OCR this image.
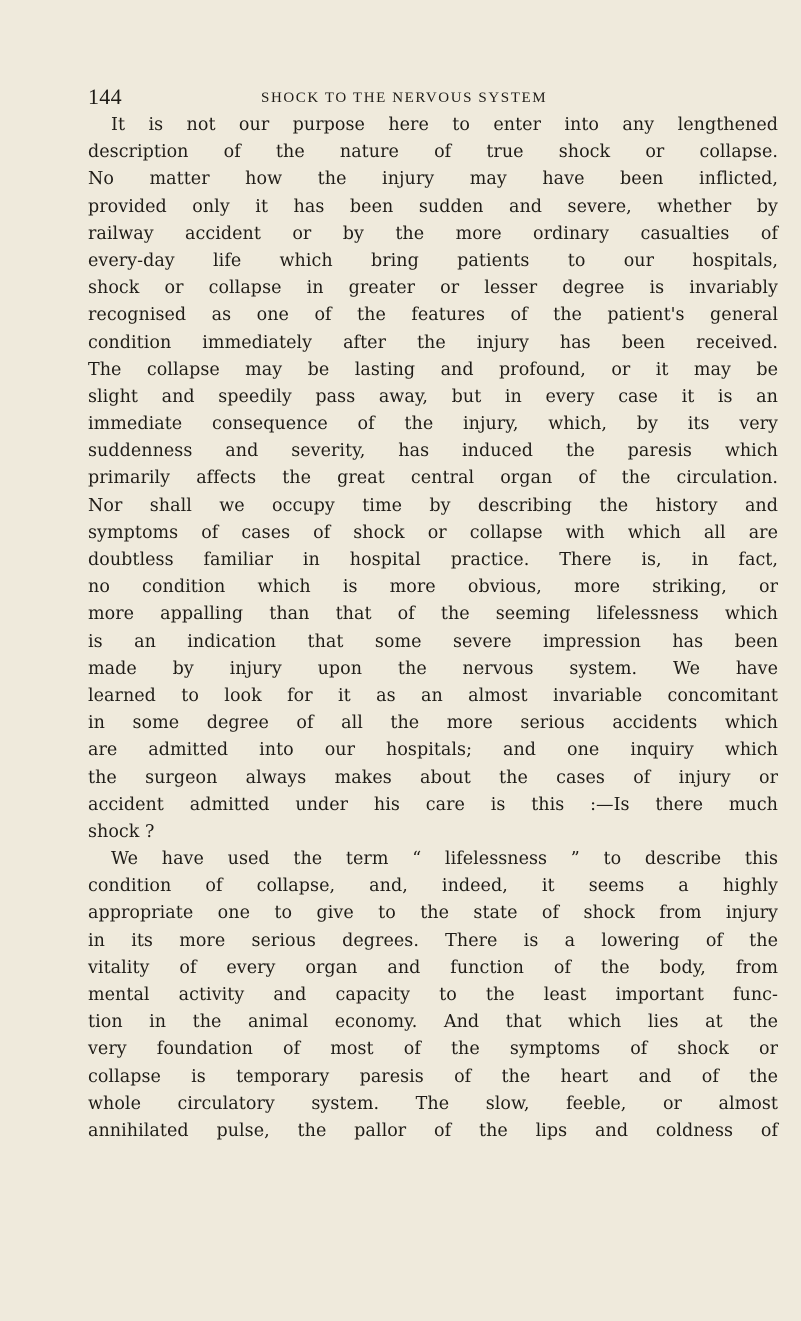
144	SHOCK TO THE NERVOUS SYSTEM
It is not our purpose here to enter into any lengthened
description of the nature of true shock or collapse.
No matter how the injury may have been inflicted,
provided only it has been sudden and severe, whether by
railway accident or by the more ordinary casualties of
every-day life which bring patients to our hospitals,
shock or collapse in greater or lesser degree is invariably
recognised as one of the features of the patient's general
condition immediately after the injury has been received.
The collapse may be lasting and profound, or it may be
slight and speedily pass away, but in every case it is an
immediate consequence of the injury, which, by its very
suddenness and severity, has induced the paresis which
primarily affects the great central organ of the circulation.
Nor shall we occupy time by describing the history and
symptoms of cases of shock or collapse with which all are
doubtless familiar in hospital practice. There is, in fact,
no condition which is more obvious, more striking, or
more appalling than that of the seeming lifelessness which
is an indication that some severe impression has been
made by injury upon the nervous system. We have
learned to look for it as an almost invariable concomitant
in some degree of all the more serious accidents which
are admitted into our hospitals; and one inquiry which
the surgeon always makes about the cases of injury or
accident admitted under his care is this :—Is there much
shock ?
We have used the term “ lifelessness ” to describe this
condition of collapse, and, indeed, it seems a highly
appropriate one to give to the state of shock from injury
in its more serious degrees. There is a lowering of the
vitality of every organ and function of the body, from
mental activity and capacity to the least important func-
tion in the animal economy. And that which lies at the
very foundation of most of the symptoms of shock or
collapse is temporary paresis of the heart and of the
whole circulatory system. The slow, feeble, or almost
annihilated pulse, the pallor of the lips and coldness of
